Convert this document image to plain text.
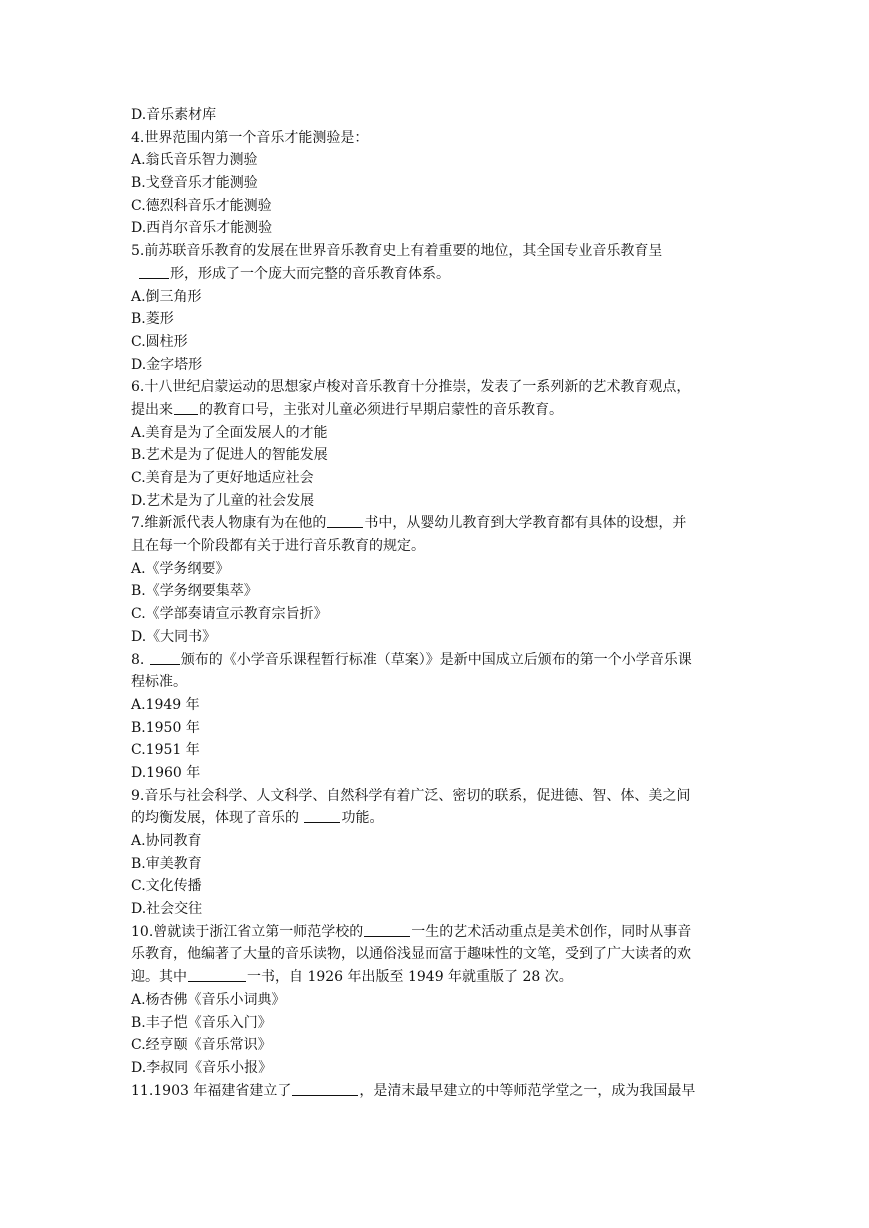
D.音乐素材库
4.世界范围内第一个音乐才能测验是：
A.翁氏音乐智力测验
B.戈登音乐才能测验
C.德烈科音乐才能测验
D.西肖尔音乐才能测验
5.前苏联音乐教育的发展在世界音乐教育史上有着重要的地位，其全国专业音乐教育呈
形，形成了一个庞大而完整的音乐教育体系。
A.倒三角形
B.菱形
C.圆柱形
D.金字塔形
6.十八世纪启蒙运动的思想家卢梭对音乐教育十分推崇，发表了一系列新的艺术教育观点，
提出来 的教育口号，主张对儿童必须进行早期启蒙性的音乐教育。
A.美育是为了全面发展人的才能
B.艺术是为了促进人的智能发展
C.美育是为了更好地适应社会
D.艺术是为了儿童的社会发展
7.维新派代表人物康有为在他的	书中，从婴幼儿教育到大学教育都有具体的设想，并
且在每一个阶段都有关于进行音乐教育的规定。
A.《学务纲要》
B.《学务纲要集萃》
C.《学部奏请宣示教育宗旨折》
D.《大同书》
8. 颁布的《小学音乐课程暂行标准（草案）》是新中国成立后颁布的第一个小学音乐课
程标准。
A.1949 年
B.1950 年
C.1951 年
D.1960 年
9.音乐与社会科学、人文科学、自然科学有着广泛、密切的联系，促进德、智、体、美之间
的均衡发展，体现了音乐的	功能。
A.协同教育
B.审美教育
C.文化传播
D.社会交往
10.曾就读于浙江省立第一师范学校的	一生的艺术活动重点是美术创作，同时从事音
乐教育，他编著了大量的音乐读物，以通俗浅显而富于趣味性的文笔，受到了广大读者的欢
迎。其中	一书，自 1926 年出版至 1949 年就重版了 28 次。
A.杨杏佛《音乐小词典》
B.丰子恺《音乐入门》
C.经亨颐《音乐常识》
D.李叔同《音乐小报》
11.1903 年福建省建立了	，是清末最早建立的中等师范学堂之一，成为我国最早
